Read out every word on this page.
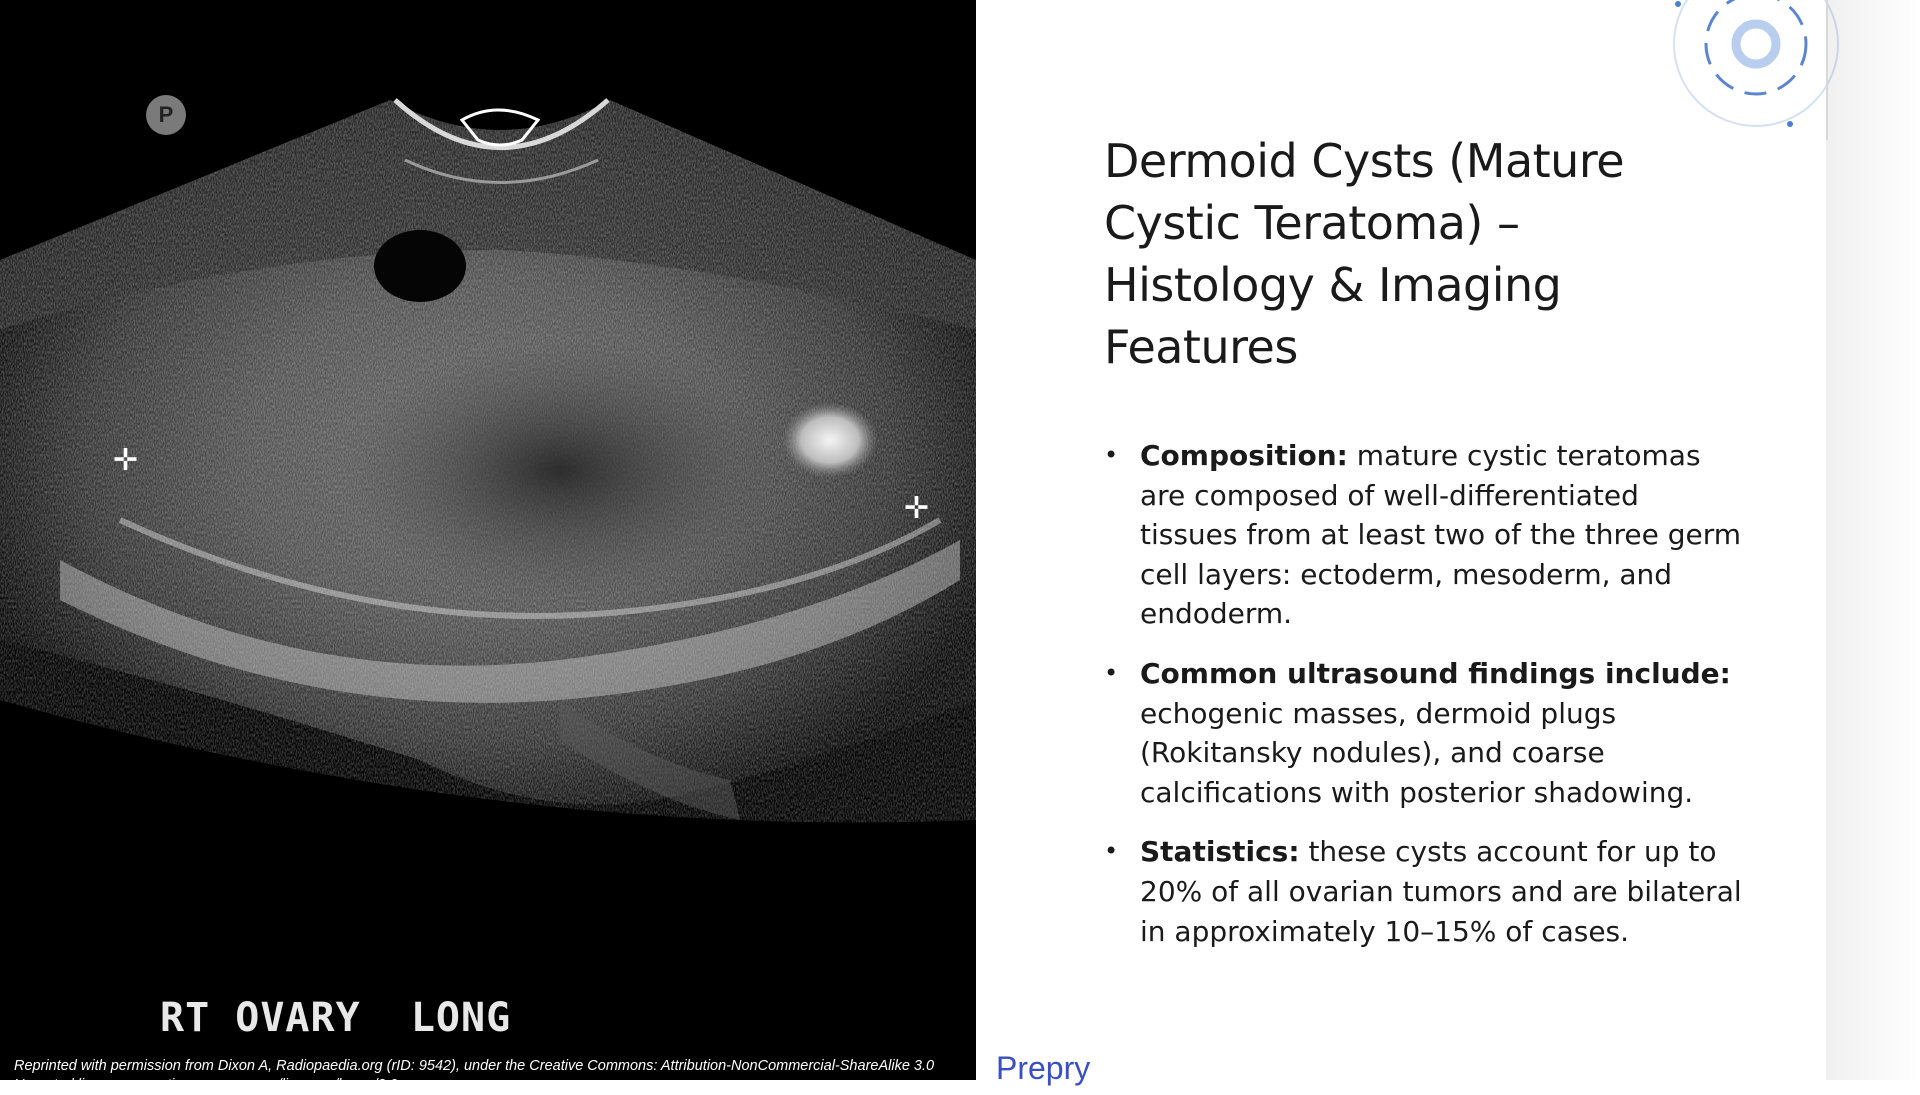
P
✛
✛
RT OVARY  LONG
Reprinted with permission from Dixon A, Radiopaedia.org (rID: 9542), under the Creative Commons: Attribution-NonCommercial-ShareAlike 3.0 Unported lincense. creativecommons.org/licenses/by-sa/3.0
Dermoid Cysts (Mature Cystic Teratoma) – Histology & Imaging Features
• Composition: mature cystic teratomas are composed of well-differentiated tissues from at least two of the three germ cell layers: ectoderm, mesoderm, and endoderm.
• Common ultrasound findings include: echogenic masses, dermoid plugs (Rokitansky nodules), and coarse calcifications with posterior shadowing.
• Statistics: these cysts account for up to 20% of all ovarian tumors and are bilateral in approximately 10–15% of cases.
Prepry
